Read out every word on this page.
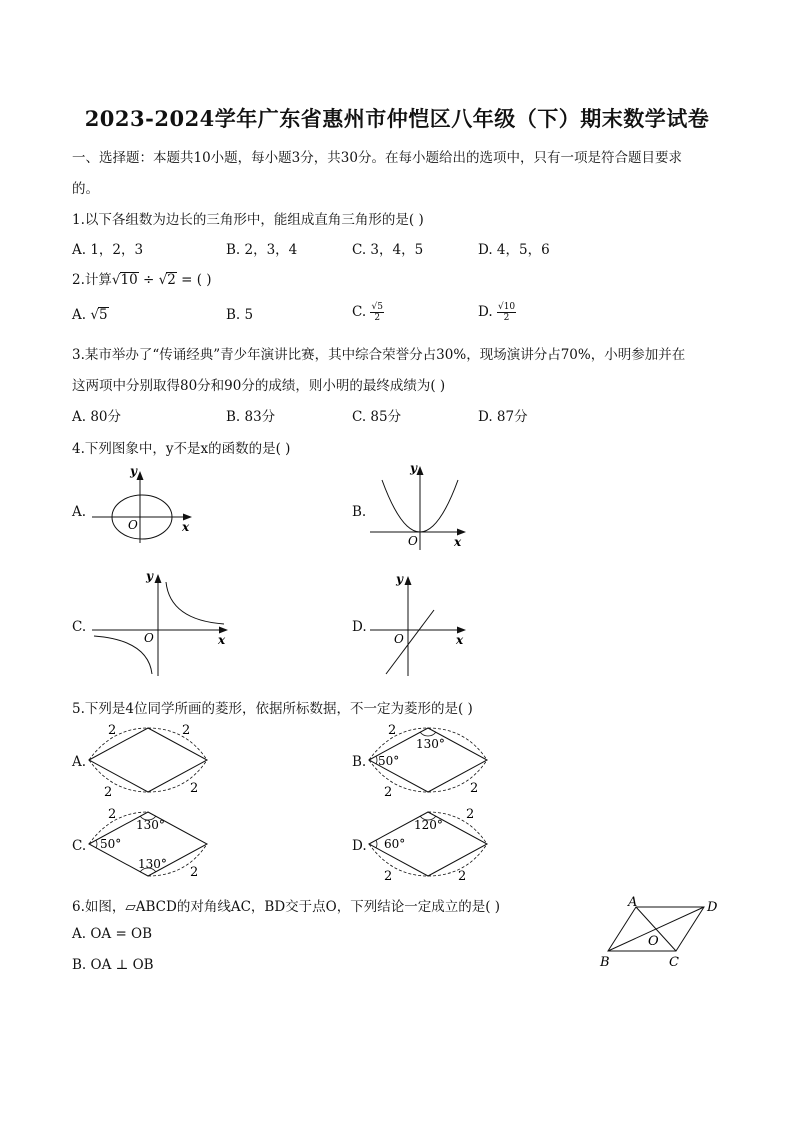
2023-2024学年广东省惠州市仲恺区八年级（下）期末数学试卷
一、选择题：本题共10小题，每小题3分，共30分。在每小题给出的选项中，只有一项是符合题目要求
的。
1.以下各组数为边长的三角形中，能组成直角三角形的是( )
A. 1，2，3	B. 2，3，4	C. 3，4，5	D. 4，5，6
2.计算√10 ÷ √2 = ( )
A. √5	B. 5	C. $\frac{√5}{2}$	D. $\frac{√10}{2}$
3.某市举办了“传诵经典”青少年演讲比赛，其中综合荣誉分占30%，现场演讲分占70%，小明参加并在
这两项中分别取得80分和90分的成绩，则小明的最终成绩为( )
A. 80分	B. 83分	C. 85分	D. 87分
4.下列图象中，y不是x的函数的是( )
A.
O	x
y
B.
O	x
y
C.
O	x
y
D.
O	x
y
5.下列是4位同学所画的菱形，依据所标数据，不一定为菱形的是( )
A.
2	2
2	2
B.
2
2	2
130°
50°
C.
2
2
130°
130°
50°	D.
2
2	2
120°
60°
6.如图，▱ABCD的对角线AC，BD交于点O，下列结论一定成立的是( )
A. OA = OB
B. OA ⊥ OB
A	D
B	C
O
